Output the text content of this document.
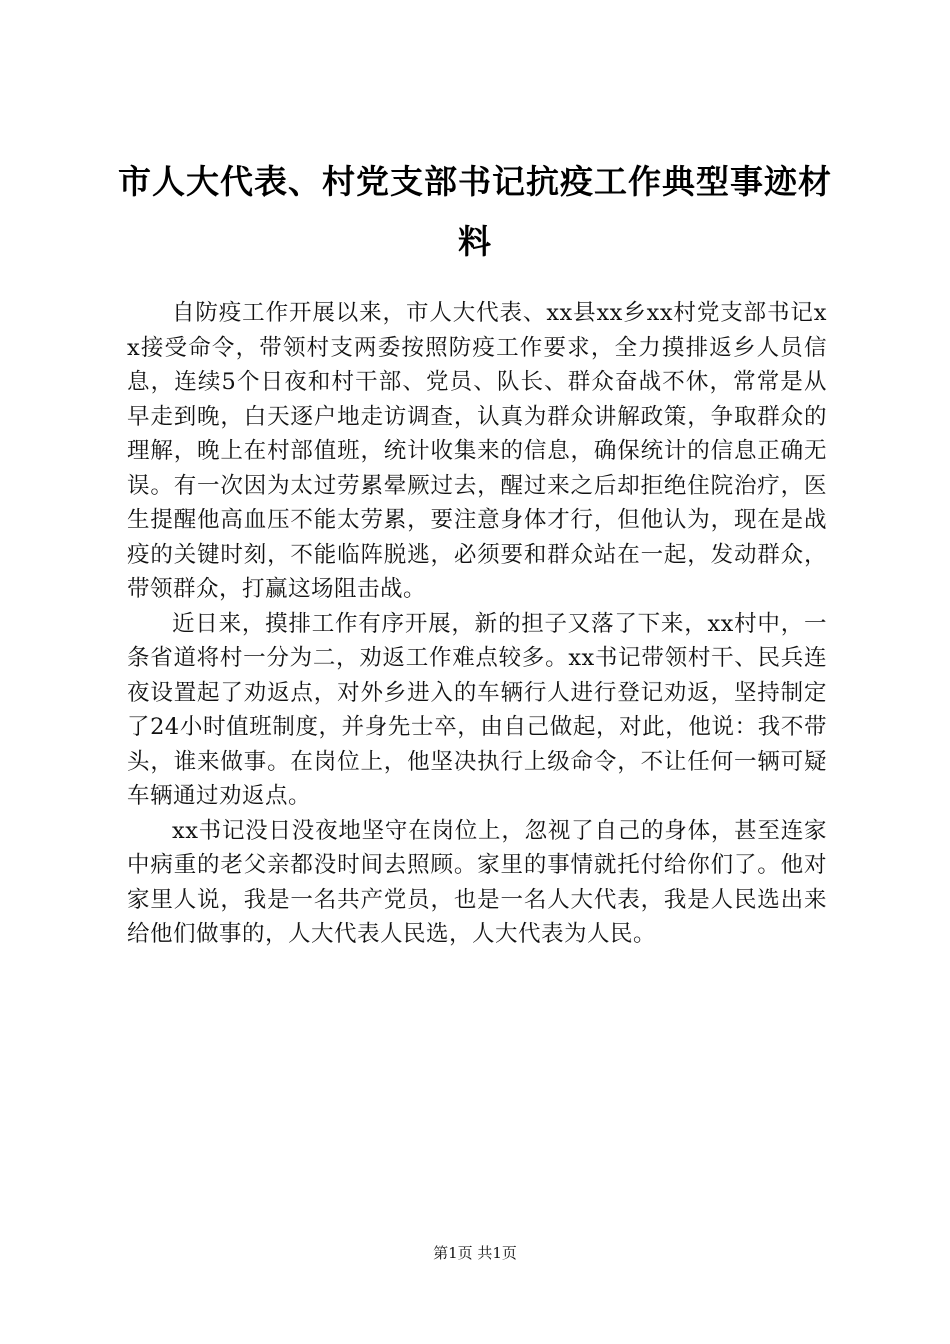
市人大代表、村党支部书记抗疫工作典型事迹材料

自防疫工作开展以来，市人大代表、xx县xx乡xx村党支部书记xx接受命令，带领村支两委按照防疫工作要求，全力摸排返乡人员信息，连续5个日夜和村干部、党员、队长、群众奋战不休，常常是从早走到晚，白天逐户地走访调查，认真为群众讲解政策，争取群众的理解，晚上在村部值班，统计收集来的信息，确保统计的信息正确无误。有一次因为太过劳累晕厥过去，醒过来之后却拒绝住院治疗，医生提醒他高血压不能太劳累，要注意身体才行，但他认为，现在是战疫的关键时刻，不能临阵脱逃，必须要和群众站在一起，发动群众，带领群众，打赢这场阻击战。

近日来，摸排工作有序开展，新的担子又落了下来，xx村中，一条省道将村一分为二，劝返工作难点较多。xx书记带领村干、民兵连夜设置起了劝返点，对外乡进入的车辆行人进行登记劝返，坚持制定了24小时值班制度，并身先士卒，由自己做起，对此，他说：我不带头，谁来做事。在岗位上，他坚决执行上级命令，不让任何一辆可疑车辆通过劝返点。

xx书记没日没夜地坚守在岗位上，忽视了自己的身体，甚至连家中病重的老父亲都没时间去照顾。家里的事情就托付给你们了。他对家里人说，我是一名共产党员，也是一名人大代表，我是人民选出来给他们做事的，人大代表人民选，人大代表为人民。

第1页 共1页
